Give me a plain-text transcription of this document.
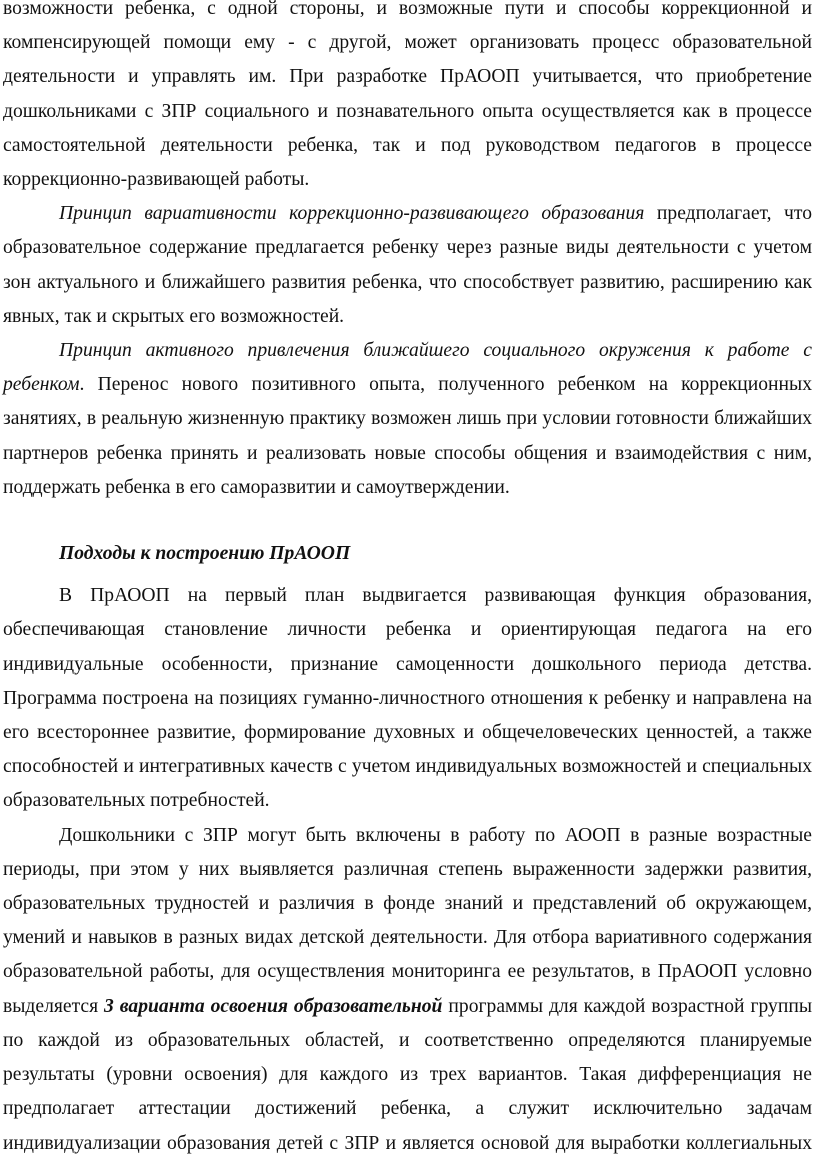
возможности ребенка, с одной стороны, и возможные пути и способы коррекционной и компенсирующей помощи ему - с другой, может организовать процесс образовательной деятельности и управлять им. При разработке ПрАООП учитывается, что приобретение дошкольниками с ЗПР социального и познавательного опыта осуществляется как в процессе самостоятельной деятельности ребенка, так и под руководством педагогов в процессе коррекционно-развивающей работы.

Принцип вариативности коррекционно-развивающего образования предполагает, что образовательное содержание предлагается ребенку через разные виды деятельности с учетом зон актуального и ближайшего развития ребенка, что способствует развитию, расширению как явных, так и скрытых его возможностей.

Принцип активного привлечения ближайшего социального окружения к работе с ребенком. Перенос нового позитивного опыта, полученного ребенком на коррекционных занятиях, в реальную жизненную практику возможен лишь при условии готовности ближайших партнеров ребенка принять и реализовать новые способы общения и взаимодействия с ним, поддержать ребенка в его саморазвитии и самоутверждении.

Подходы к построению ПрАООП

В ПрАООП на первый план выдвигается развивающая функция образования, обеспечивающая становление личности ребенка и ориентирующая педагога на его индивидуальные особенности, признание самоценности дошкольного периода детства. Программа построена на позициях гуманно-личностного отношения к ребенку и направлена на его всестороннее развитие, формирование духовных и общечеловеческих ценностей, а также способностей и интегративных качеств с учетом индивидуальных возможностей и специальных образовательных потребностей.

Дошкольники с ЗПР могут быть включены в работу по АООП в разные возрастные периоды, при этом у них выявляется различная степень выраженности задержки развития, образовательных трудностей и различия в фонде знаний и представлений об окружающем, умений и навыков в разных видах детской деятельности. Для отбора вариативного содержания образовательной работы, для осуществления мониторинга ее результатов, в ПрАООП условно выделяется 3 варианта освоения образовательной программы для каждой возрастной группы по каждой из образовательных областей, и соответственно определяются планируемые результаты (уровни освоения) для каждого из трех вариантов. Такая дифференциация не предполагает аттестации достижений ребенка, а служит исключительно задачам индивидуализации образования детей с ЗПР и является основой для выработки коллегиальных
